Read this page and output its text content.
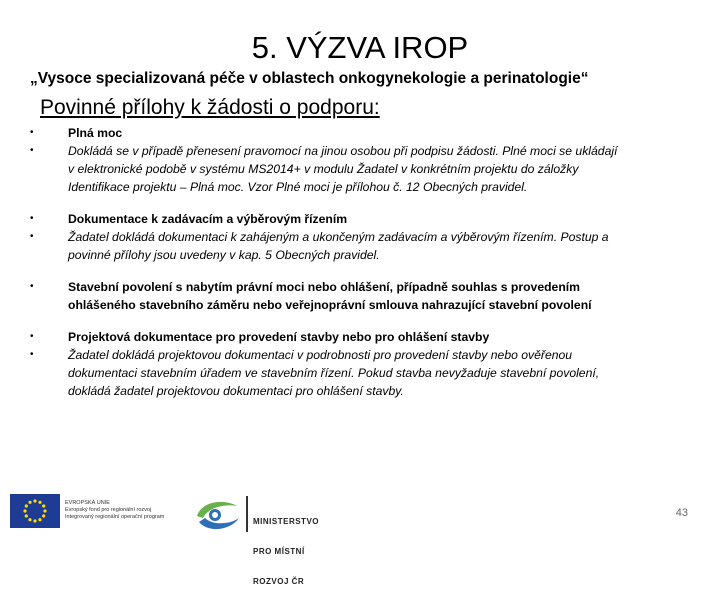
5. VÝZVA IROP
„Vysoce specializovaná péče v oblastech onkogynekologie a perinatologie“
Povinné přílohy k žádosti o podporu:
•	Plná moc
•	Dokládá se v případě přenesení pravomocí na jinou osobou při podpisu žádosti. Plné moci se ukládají
v elektronické podobě v systému MS2014+ v modulu Žadatel v konkrétním projektu do záložky
Identifikace projektu – Plná moc. Vzor Plné moci je přílohou č. 12 Obecných pravidel.
•	Dokumentace k zadávacím a výběrovým řízením
•	Žadatel dokládá dokumentaci k zahájeným a ukončeným zadávacím a výběrovým řízením. Postup a
povinné přílohy jsou uvedeny v kap. 5 Obecných pravidel.
•	Stavební povolení s nabytím právní moci nebo ohlášení, případně souhlas s provedením
ohlášeného stavebního záměru nebo veřejnoprávní smlouva nahrazující stavební povolení
•	Projektová dokumentace pro provedení stavby nebo pro ohlášení stavby
•	Žadatel dokládá projektovou dokumentaci v podrobnosti pro provedení stavby nebo ověřenou
dokumentaci stavebním úřadem ve stavebním řízení. Pokud stavba nevyžaduje stavební povolení,
dokládá žadatel projektovou dokumentaci pro ohlášení stavby.
EVROPSKÁ UNIE
Evropský fond pro regionální rozvoj
Integrovaný regionální operační program

	MINISTERSTVO

PRO MÍSTNÍ

ROZVOJ ČR

43
